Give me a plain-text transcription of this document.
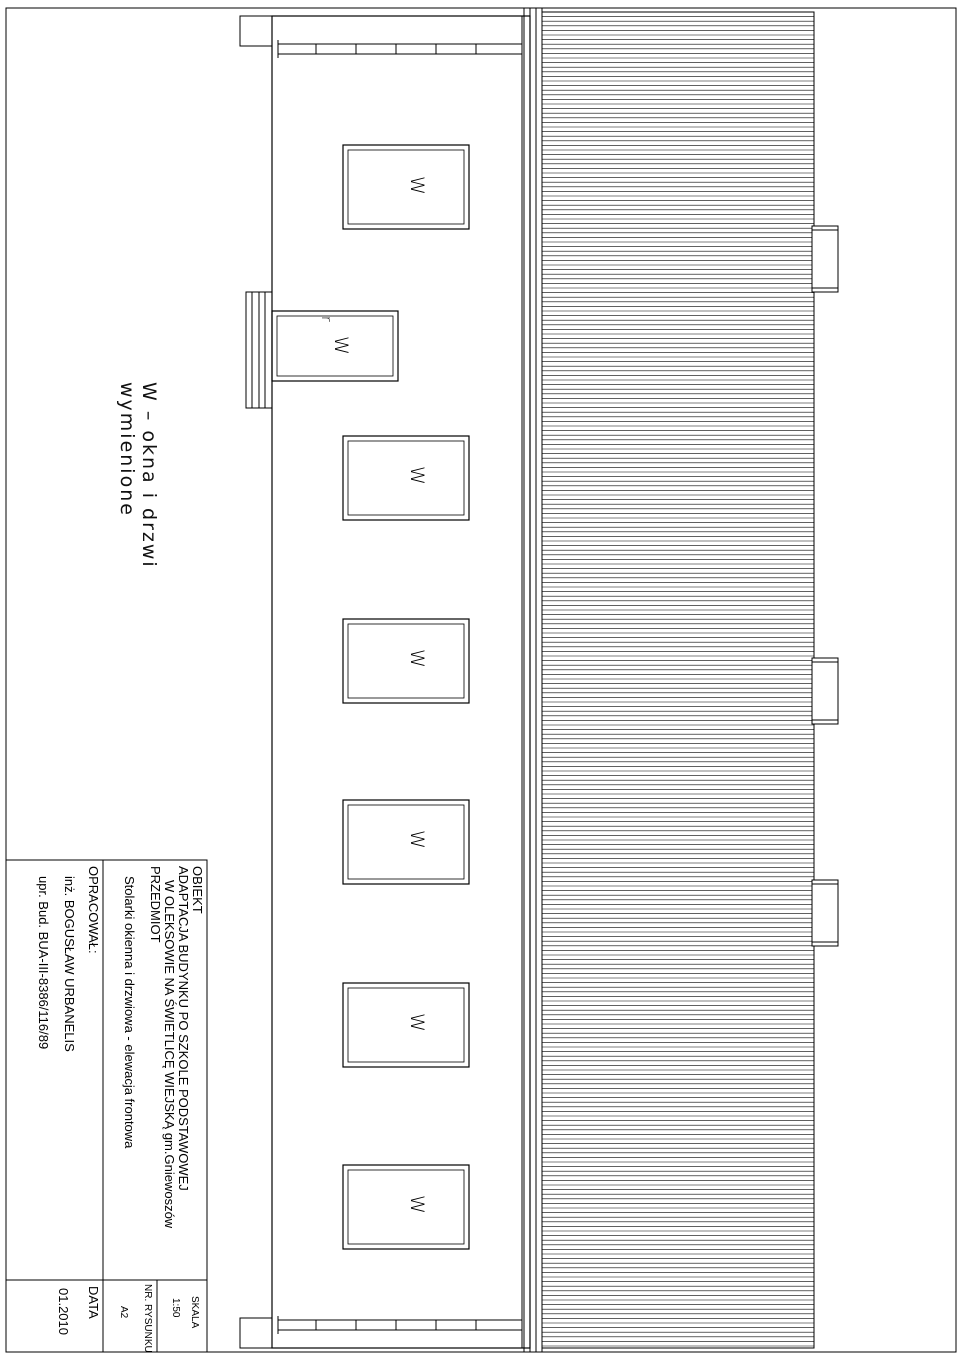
W – okna i drzwi
wymienione
W
W
r
W
W
W
W
W
OBIEKT
ADAPTACJA BUDYNKU PO SZKOLE PODSTAWOWEJ
W OLEKSOWIE NA ŚWIETLICĘ WIEJSKĄ gm.Gniewoszów
PRZEDMIOT
Stolarki okienna i drzwiowa - elewacja frontowa
OPRACOWAŁ:
inż. BOGUSŁAW URBANELIS
upr. Bud. BUA-III-8386/116/89
SKALA
1:50
NR. RYSUNKU
A2
DATA
01.2010
